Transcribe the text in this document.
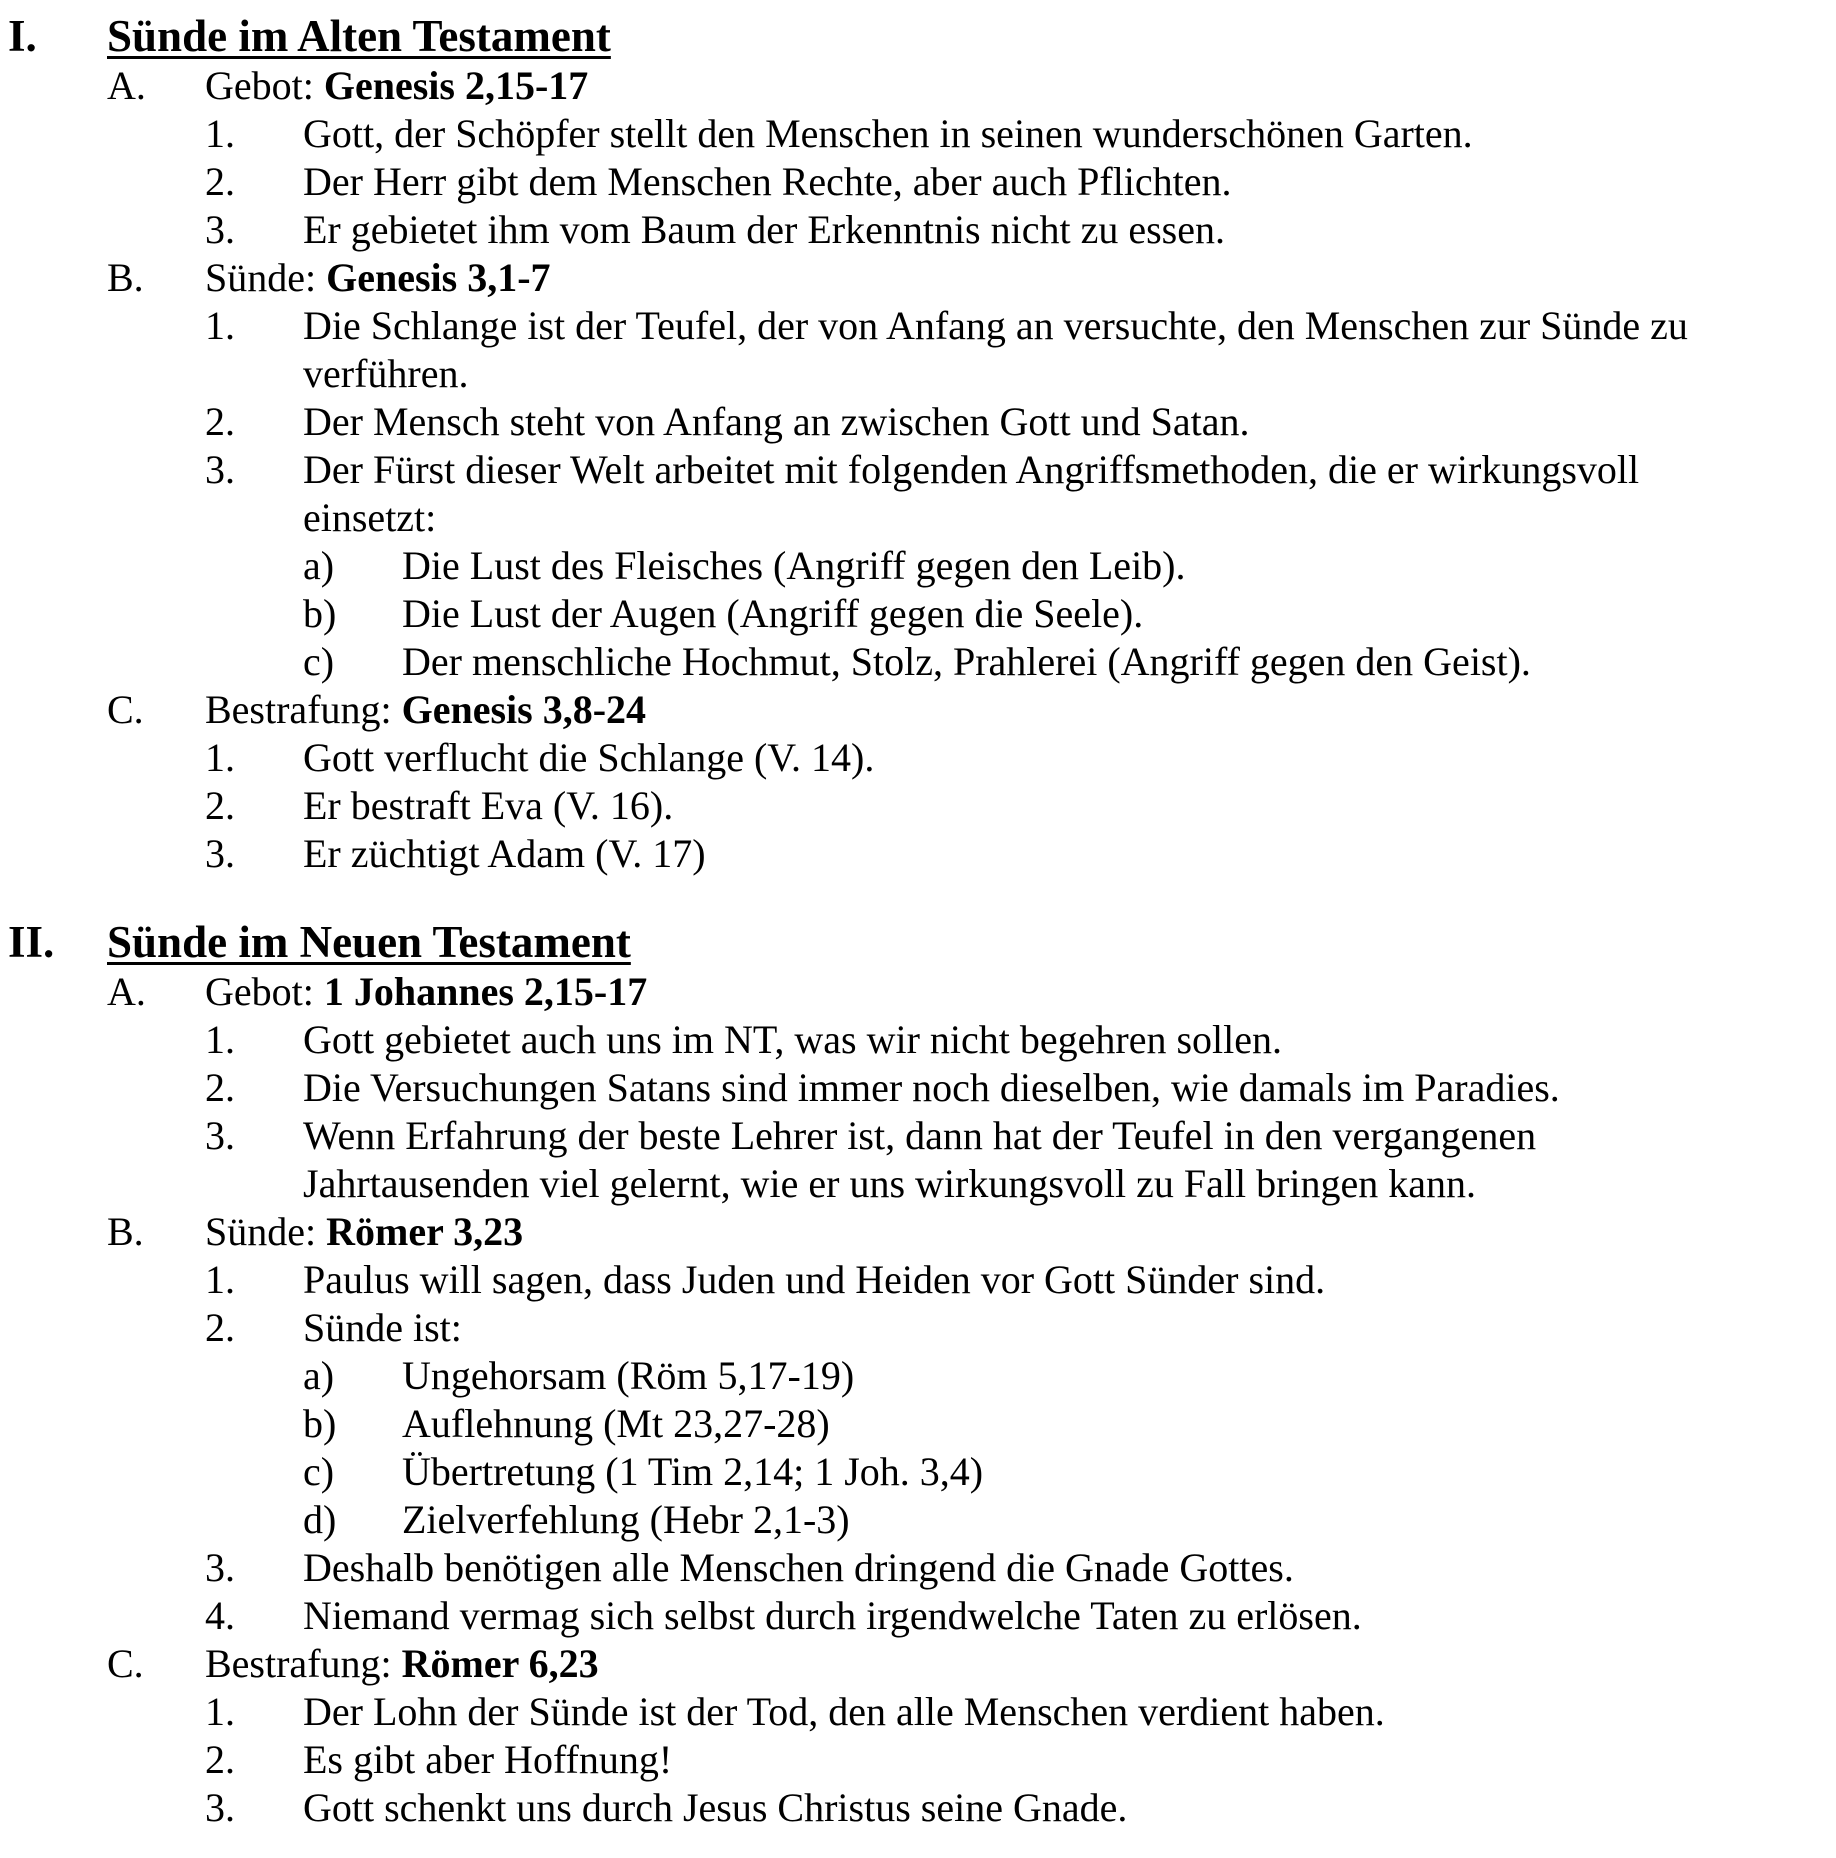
I. Sünde im Alten Testament
A. Gebot: Genesis 2,15-17
1. Gott, der Schöpfer stellt den Menschen in seinen wunderschönen Garten.
2. Der Herr gibt dem Menschen Rechte, aber auch Pflichten.
3. Er gebietet ihm vom Baum der Erkenntnis nicht zu essen.
B. Sünde: Genesis 3,1-7
1. Die Schlange ist der Teufel, der von Anfang an versuchte, den Menschen zur Sünde zu
verführen.
2. Der Mensch steht von Anfang an zwischen Gott und Satan.
3. Der Fürst dieser Welt arbeitet mit folgenden Angriffsmethoden, die er wirkungsvoll
einsetzt:
a) Die Lust des Fleisches (Angriff gegen den Leib).
b) Die Lust der Augen (Angriff gegen die Seele).
c) Der menschliche Hochmut, Stolz, Prahlerei (Angriff gegen den Geist).
C. Bestrafung: Genesis 3,8-24
1. Gott verflucht die Schlange (V. 14).
2. Er bestraft Eva (V. 16).
3. Er züchtigt Adam (V. 17)
II. Sünde im Neuen Testament
A. Gebot: 1 Johannes 2,15-17
1. Gott gebietet auch uns im NT, was wir nicht begehren sollen.
2. Die Versuchungen Satans sind immer noch dieselben, wie damals im Paradies.
3. Wenn Erfahrung der beste Lehrer ist, dann hat der Teufel in den vergangenen
Jahrtausenden viel gelernt, wie er uns wirkungsvoll zu Fall bringen kann.
B. Sünde: Römer 3,23
1. Paulus will sagen, dass Juden und Heiden vor Gott Sünder sind.
2. Sünde ist:
a) Ungehorsam (Röm 5,17-19)
b) Auflehnung (Mt 23,27-28)
c) Übertretung (1 Tim 2,14; 1 Joh. 3,4)
d) Zielverfehlung (Hebr 2,1-3)
3. Deshalb benötigen alle Menschen dringend die Gnade Gottes.
4. Niemand vermag sich selbst durch irgendwelche Taten zu erlösen.
C. Bestrafung: Römer 6,23
1. Der Lohn der Sünde ist der Tod, den alle Menschen verdient haben.
2. Es gibt aber Hoffnung!
3. Gott schenkt uns durch Jesus Christus seine Gnade.
